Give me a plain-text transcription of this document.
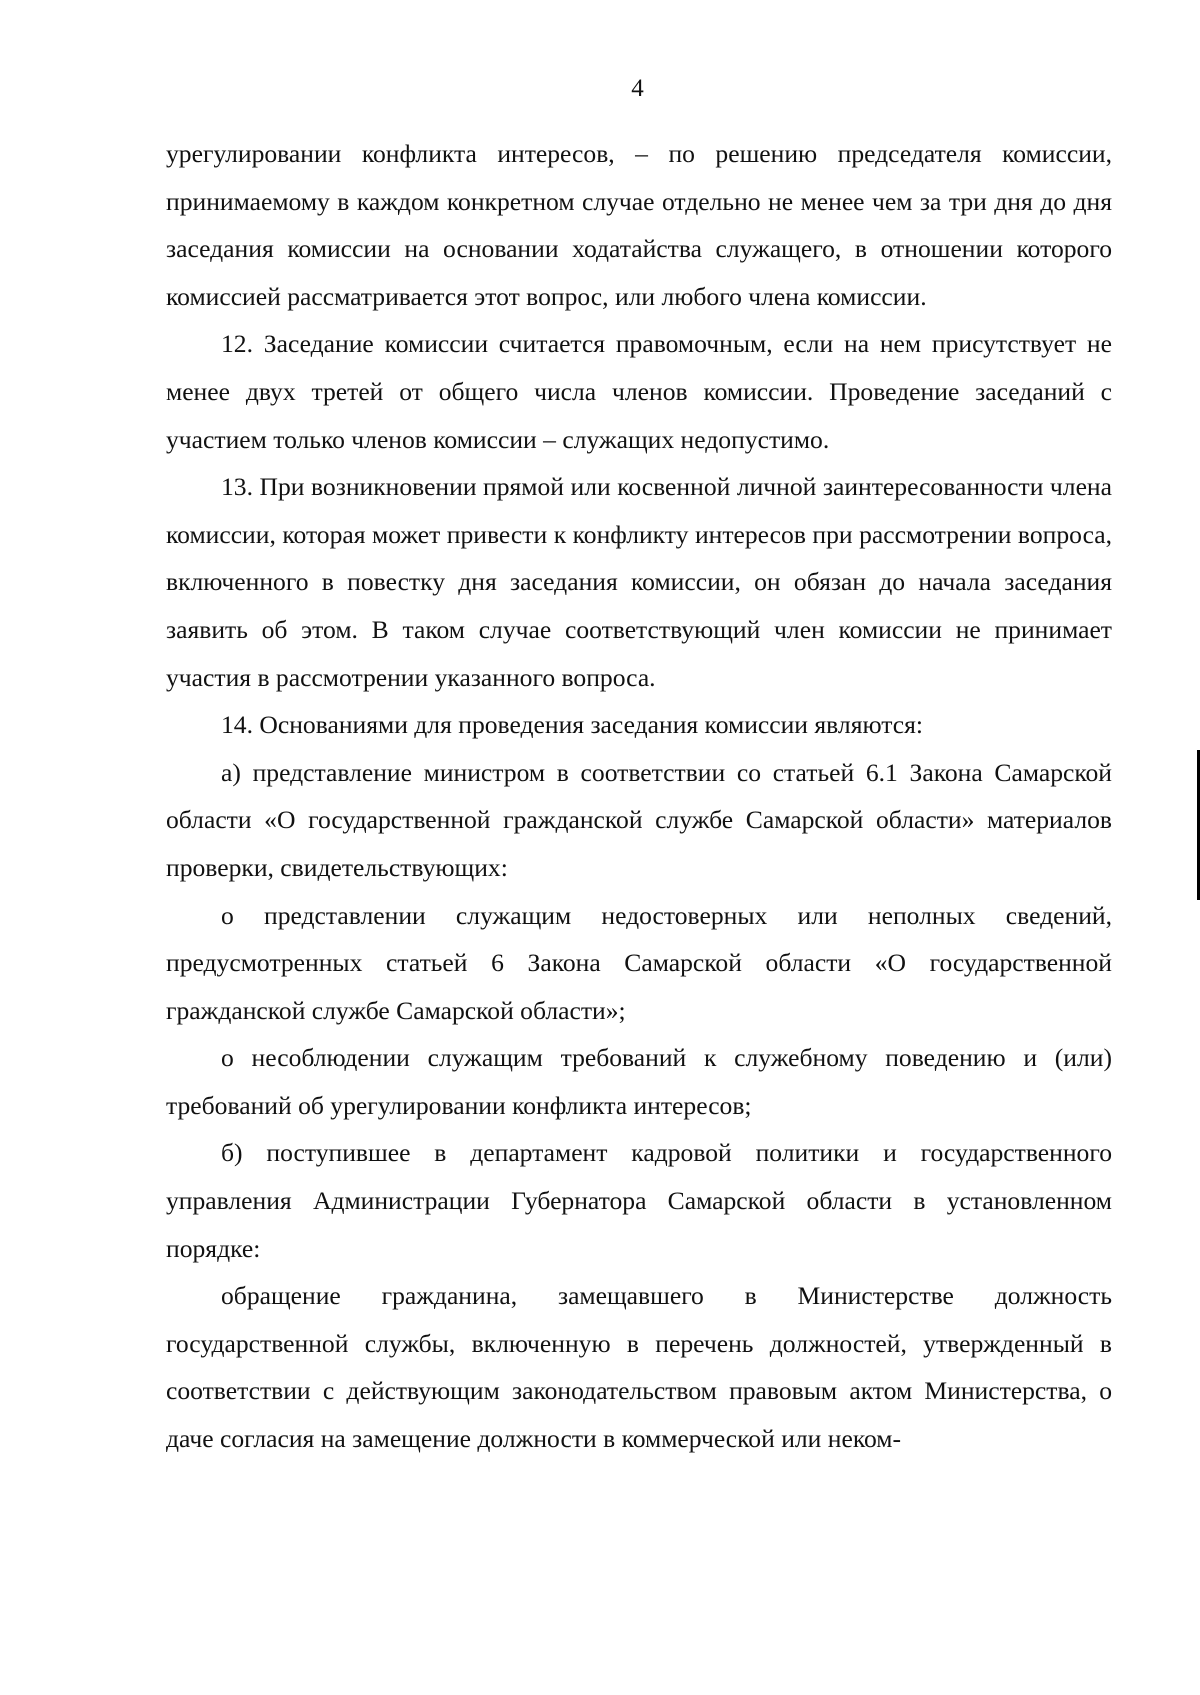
4

урегулировании конфликта интересов, – по решению председателя комиссии, принимаемому в каждом конкретном случае отдельно не менее чем за три дня до дня заседания комиссии на основании ходатайства служащего, в отношении которого комиссией рассматривается этот вопрос, или любого члена комиссии.

12. Заседание комиссии считается правомочным, если на нем присутствует не менее двух третей от общего числа членов комиссии. Проведение заседаний с участием только членов комиссии – служащих недопустимо.

13. При возникновении прямой или косвенной личной заинтересованности члена комиссии, которая может привести к конфликту интересов при рассмотрении вопроса, включенного в повестку дня заседания комиссии, он обязан до начала заседания заявить об этом. В таком случае соответствующий член комиссии не принимает участия в рассмотрении указанного вопроса.

14. Основаниями для проведения заседания комиссии являются:

а) представление министром в соответствии со статьей 6.1 Закона Самарской области «О государственной гражданской службе Самарской области» материалов проверки, свидетельствующих:

о представлении служащим недостоверных или неполных сведений, предусмотренных статьей 6 Закона Самарской области «О государственной гражданской службе Самарской области»;

о несоблюдении служащим требований к служебному поведению и (или) требований об урегулировании конфликта интересов;

б) поступившее в департамент кадровой политики и государственного управления Администрации Губернатора Самарской области в установленном порядке:

обращение гражданина, замещавшего в Министерстве должность государственной службы, включенную в перечень должностей, утвержденный в соответствии с действующим законодательством правовым актом Министерства, о даче согласия на замещение должности в коммерческой или неком-
